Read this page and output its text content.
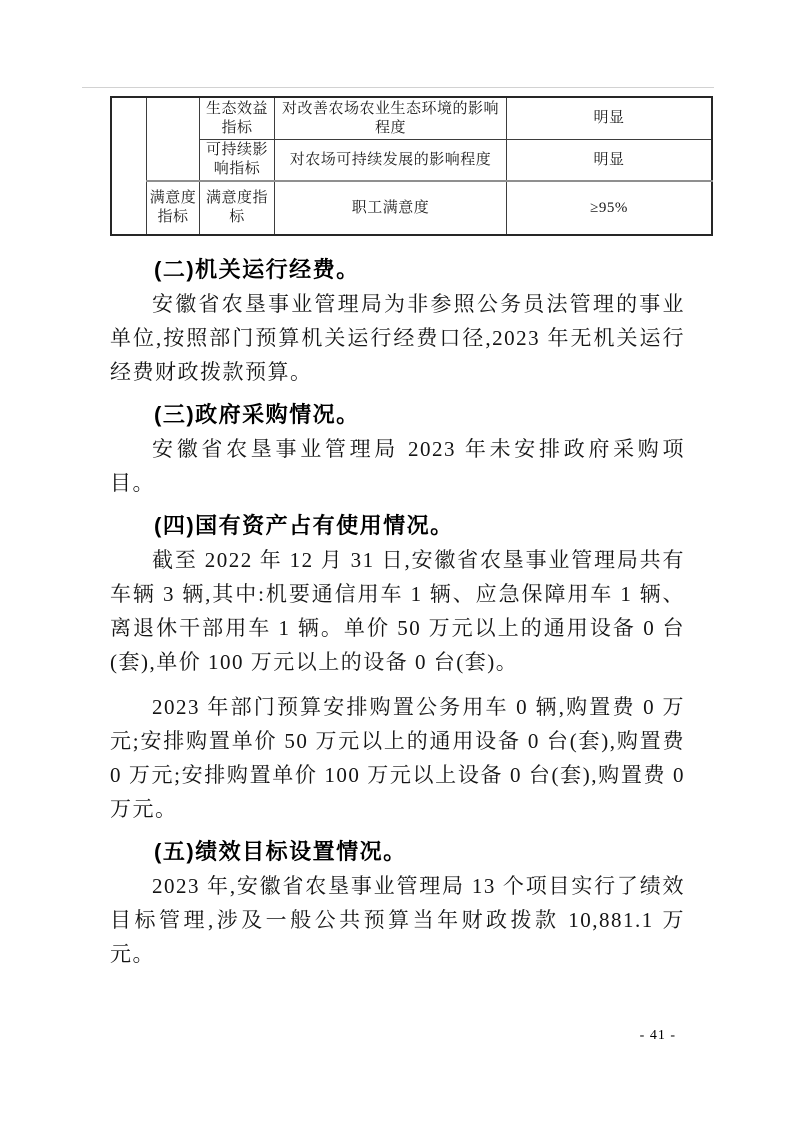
		生态效益指标	对改善农场农业生态环境的影响程度	明显
		可持续影响指标	对农场可持续发展的影响程度	明显
	满意度指标	满意度指标	职工满意度	≥95%
(二)机关运行经费。

安徽省农垦事业管理局为非参照公务员法管理的事业单位,按照部门预算机关运行经费口径,2023 年无机关运行经费财政拨款预算。

(三)政府采购情况。

安徽省农垦事业管理局 2023 年未安排政府采购项目。

(四)国有资产占有使用情况。

截至 2022 年 12 月 31 日,安徽省农垦事业管理局共有车辆 3 辆,其中:机要通信用车 1 辆、应急保障用车 1 辆、离退休干部用车 1 辆。单价 50 万元以上的通用设备 0 台(套),单价 100 万元以上的设备 0 台(套)。

2023 年部门预算安排购置公务用车 0 辆,购置费 0 万元;安排购置单价 50 万元以上的通用设备 0 台(套),购置费 0 万元;安排购置单价 100 万元以上设备 0 台(套),购置费 0 万元。

(五)绩效目标设置情况。

2023 年,安徽省农垦事业管理局 13 个项目实行了绩效目标管理,涉及一般公共预算当年财政拨款 10,881.1 万元。

- 41 -
